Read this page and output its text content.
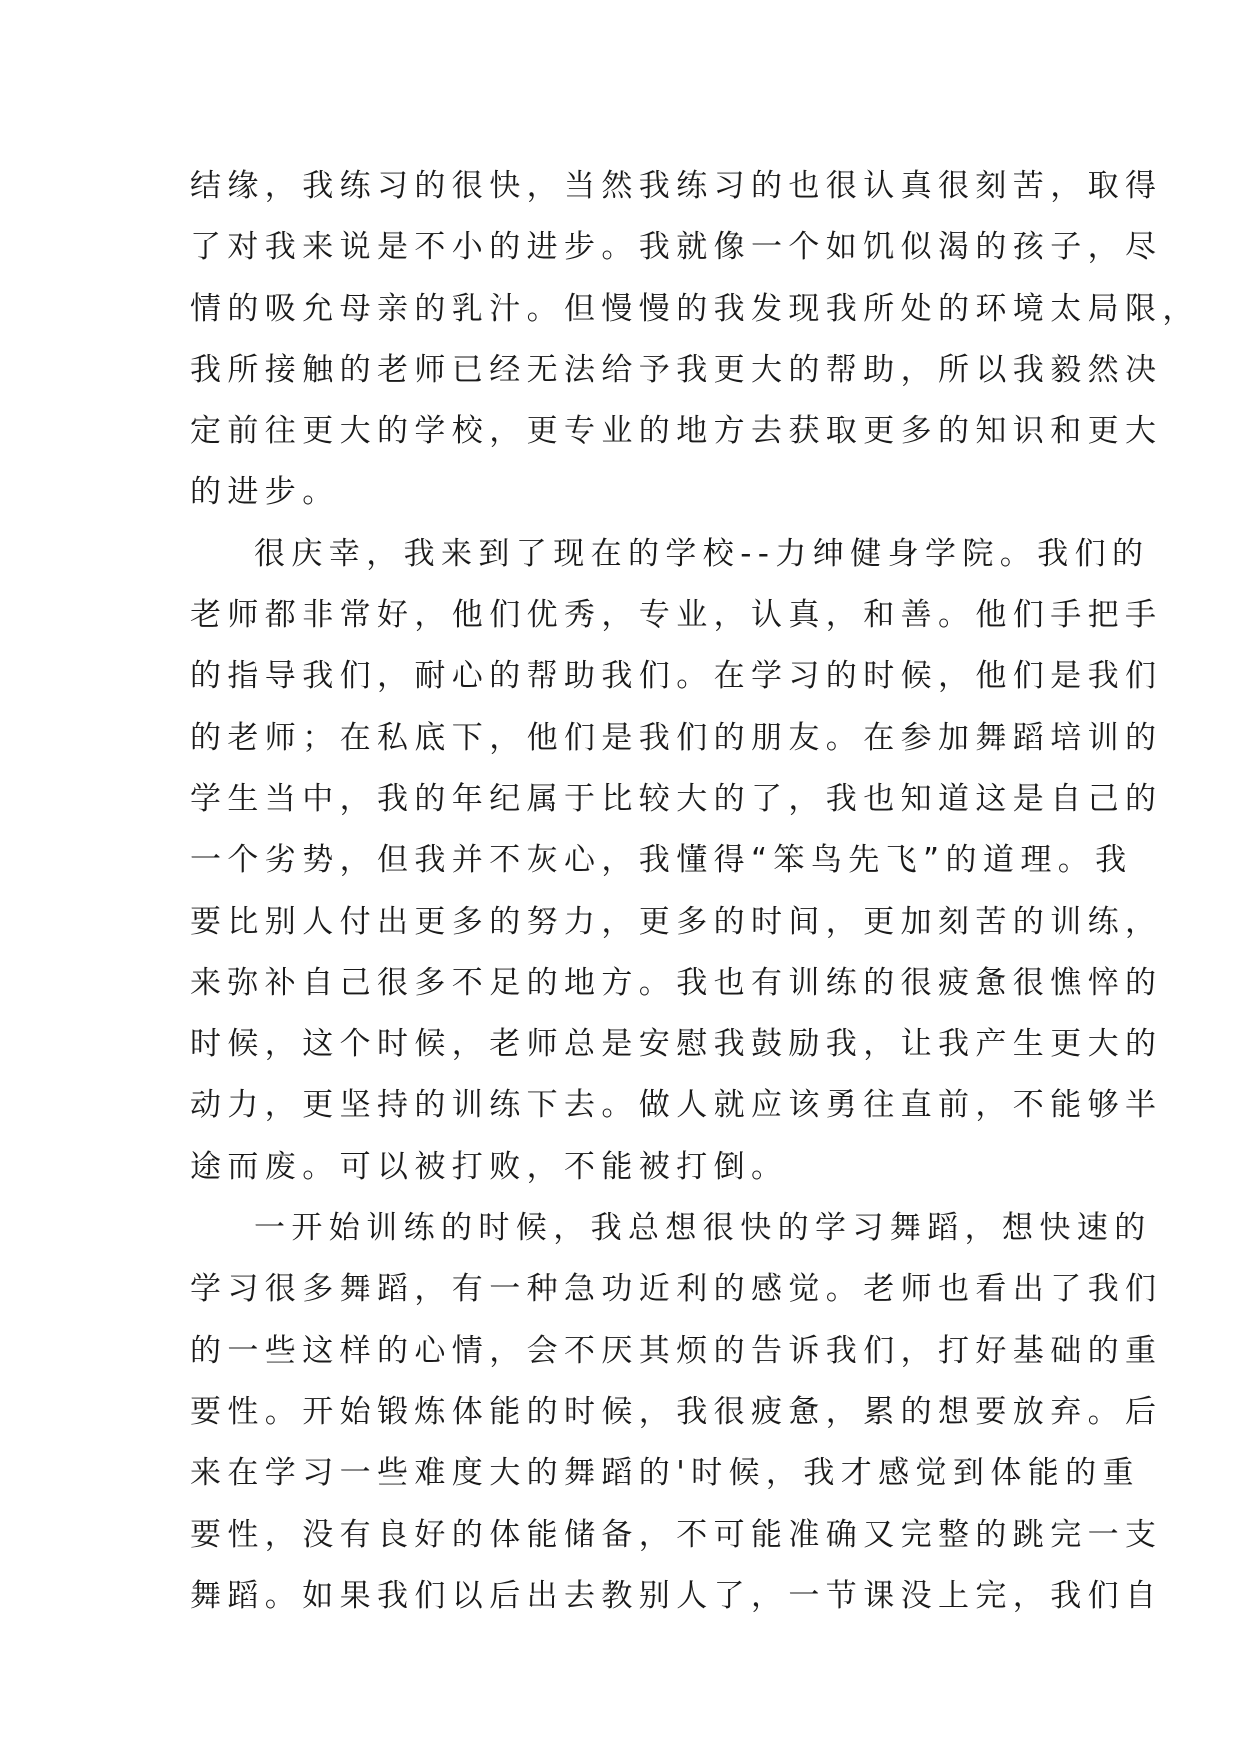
结缘，我练习的很快，当然我练习的也很认真很刻苦，取得
了对我来说是不小的进步。我就像一个如饥似渴的孩子，尽
情的吸允母亲的乳汁。但慢慢的我发现我所处的环境太局限，
我所接触的老师已经无法给予我更大的帮助，所以我毅然决
定前往更大的学校，更专业的地方去获取更多的知识和更大
的进步。
很庆幸，我来到了现在的学校--力绅健身学院。我们的
老师都非常好，他们优秀，专业，认真，和善。他们手把手
的指导我们，耐心的帮助我们。在学习的时候，他们是我们
的老师；在私底下，他们是我们的朋友。在参加舞蹈培训的
学生当中，我的年纪属于比较大的了，我也知道这是自己的
一个劣势，但我并不灰心，我懂得“笨鸟先飞”的道理。我
要比别人付出更多的努力，更多的时间，更加刻苦的训练，
来弥补自己很多不足的地方。我也有训练的很疲惫很憔悴的
时候，这个时候，老师总是安慰我鼓励我，让我产生更大的
动力，更坚持的训练下去。做人就应该勇往直前，不能够半
途而废。可以被打败，不能被打倒。
一开始训练的时候，我总想很快的学习舞蹈，想快速的
学习很多舞蹈，有一种急功近利的感觉。老师也看出了我们
的一些这样的心情，会不厌其烦的告诉我们，打好基础的重
要性。开始锻炼体能的时候，我很疲惫，累的想要放弃。后
来在学习一些难度大的舞蹈的'时候，我才感觉到体能的重
要性，没有良好的体能储备，不可能准确又完整的跳完一支
舞蹈。如果我们以后出去教别人了，一节课没上完，我们自
